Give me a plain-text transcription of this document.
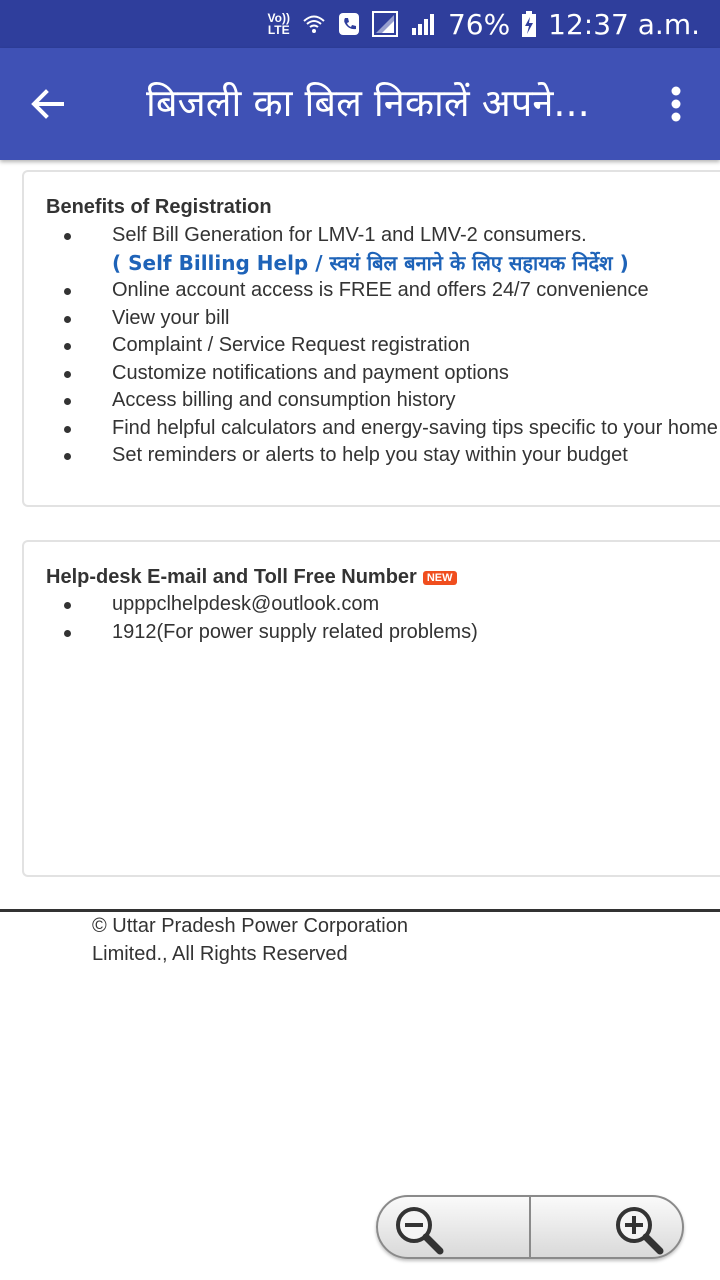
Vo))
LTE	76% 12:37 a.m.
बिजली का बिल निकालें अपने...
Benefits of Registration
Self Bill Generation for LMV-1 and LMV-2 consumers.
( Self Billing Help / स्वयं बिल बनाने के लिए सहायक निर्देश )
Online account access is FREE and offers 24/7 convenience
View your bill
Complaint / Service Request registration
Customize notifications and payment options
Access billing and consumption history
Find helpful calculators and energy-saving tips specific to your home
Set reminders or alerts to help you stay within your budget
Help-desk E-mail and Toll Free Number NEW
upppclhelpdesk@outlook.com
1912(For power supply related problems)
© Uttar Pradesh Power Corporation Limited., All Rights Reserved
